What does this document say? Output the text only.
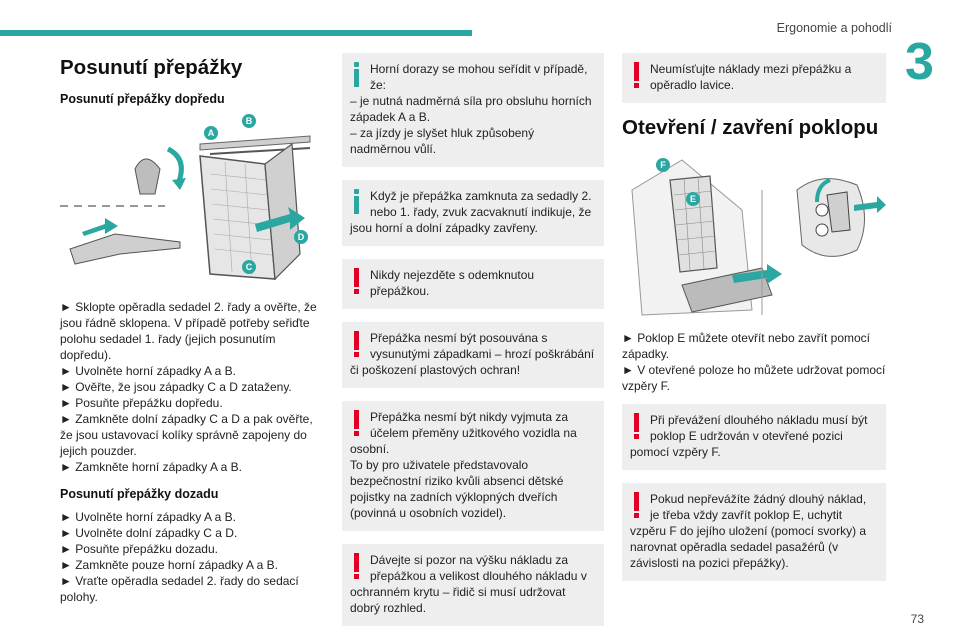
Ergonomie a pohodlí
3
73
Posunutí přepážky
Posunutí přepážky dopředu
A
B
C
D

► Sklopte opěradla sedadel 2. řady a ověřte, že jsou řádně sklopena. V případě potřeby seřiďte polohu sedadel 1. řady (jejich posunutím dopředu).
► Uvolněte horní západky A a B.
► Ověřte, že jsou západky C a D zataženy.
► Posuňte přepážku dopředu.
► Zamkněte dolní západky C a D a pak ověřte, že jsou ustavovací kolíky správně zapojeny do jejich pouzder.
► Zamkněte horní západky A a B.

Posunutí přepážky dozadu

► Uvolněte horní západky A a B.
► Uvolněte dolní západky C a D.
► Posuňte přepážku dozadu.
► Zamkněte pouze horní západky A a B.
► Vraťte opěradla sedadel 2. řady do sedací polohy.

Horní dorazy se mohou seřídit v případě, že:
– je nutná nadměrná síla pro obsluhu horních západek A a B.
– za jízdy je slyšet hluk způsobený nadměrnou vůlí.

Když je přepážka zamknuta za sedadly 2. nebo 1. řady, zvuk zacvaknutí indikuje, že jsou horní a dolní západky zavřeny.

Nikdy nejezděte s odemknutou přepážkou.

Přepážka nesmí být posouvána s vysunutými západkami – hrozí poškrábání či poškození plastových ochran!

Přepážka nesmí být nikdy vyjmuta za účelem přeměny užitkového vozidla na osobní.
To by pro uživatele představovalo bezpečnostní riziko kvůli absenci dětské pojistky na zadních výklopných dveřích (povinná u osobních vozidel).

Dávejte si pozor na výšku nákladu za přepážkou a velikost dlouhého nákladu v ochranném krytu – řidič si musí udržovat dobrý rozhled.

Neumísťujte náklady mezi přepážku a opěradlo lavice.

Otevření / zavření poklopu
F
E

► Poklop E můžete otevřít nebo zavřít pomocí západky.
► V otevřené poloze ho můžete udržovat pomocí vzpěry F.

Při převážení dlouhého nákladu musí být poklop E udržován v otevřené pozici pomocí vzpěry F.

Pokud nepřevážíte žádný dlouhý náklad, je třeba vždy zavřít poklop E, uchytit vzpěru F do jejího uložení (pomocí svorky) a narovnat opěradla sedadel pasažérů (v závislosti na pozici přepážky).
